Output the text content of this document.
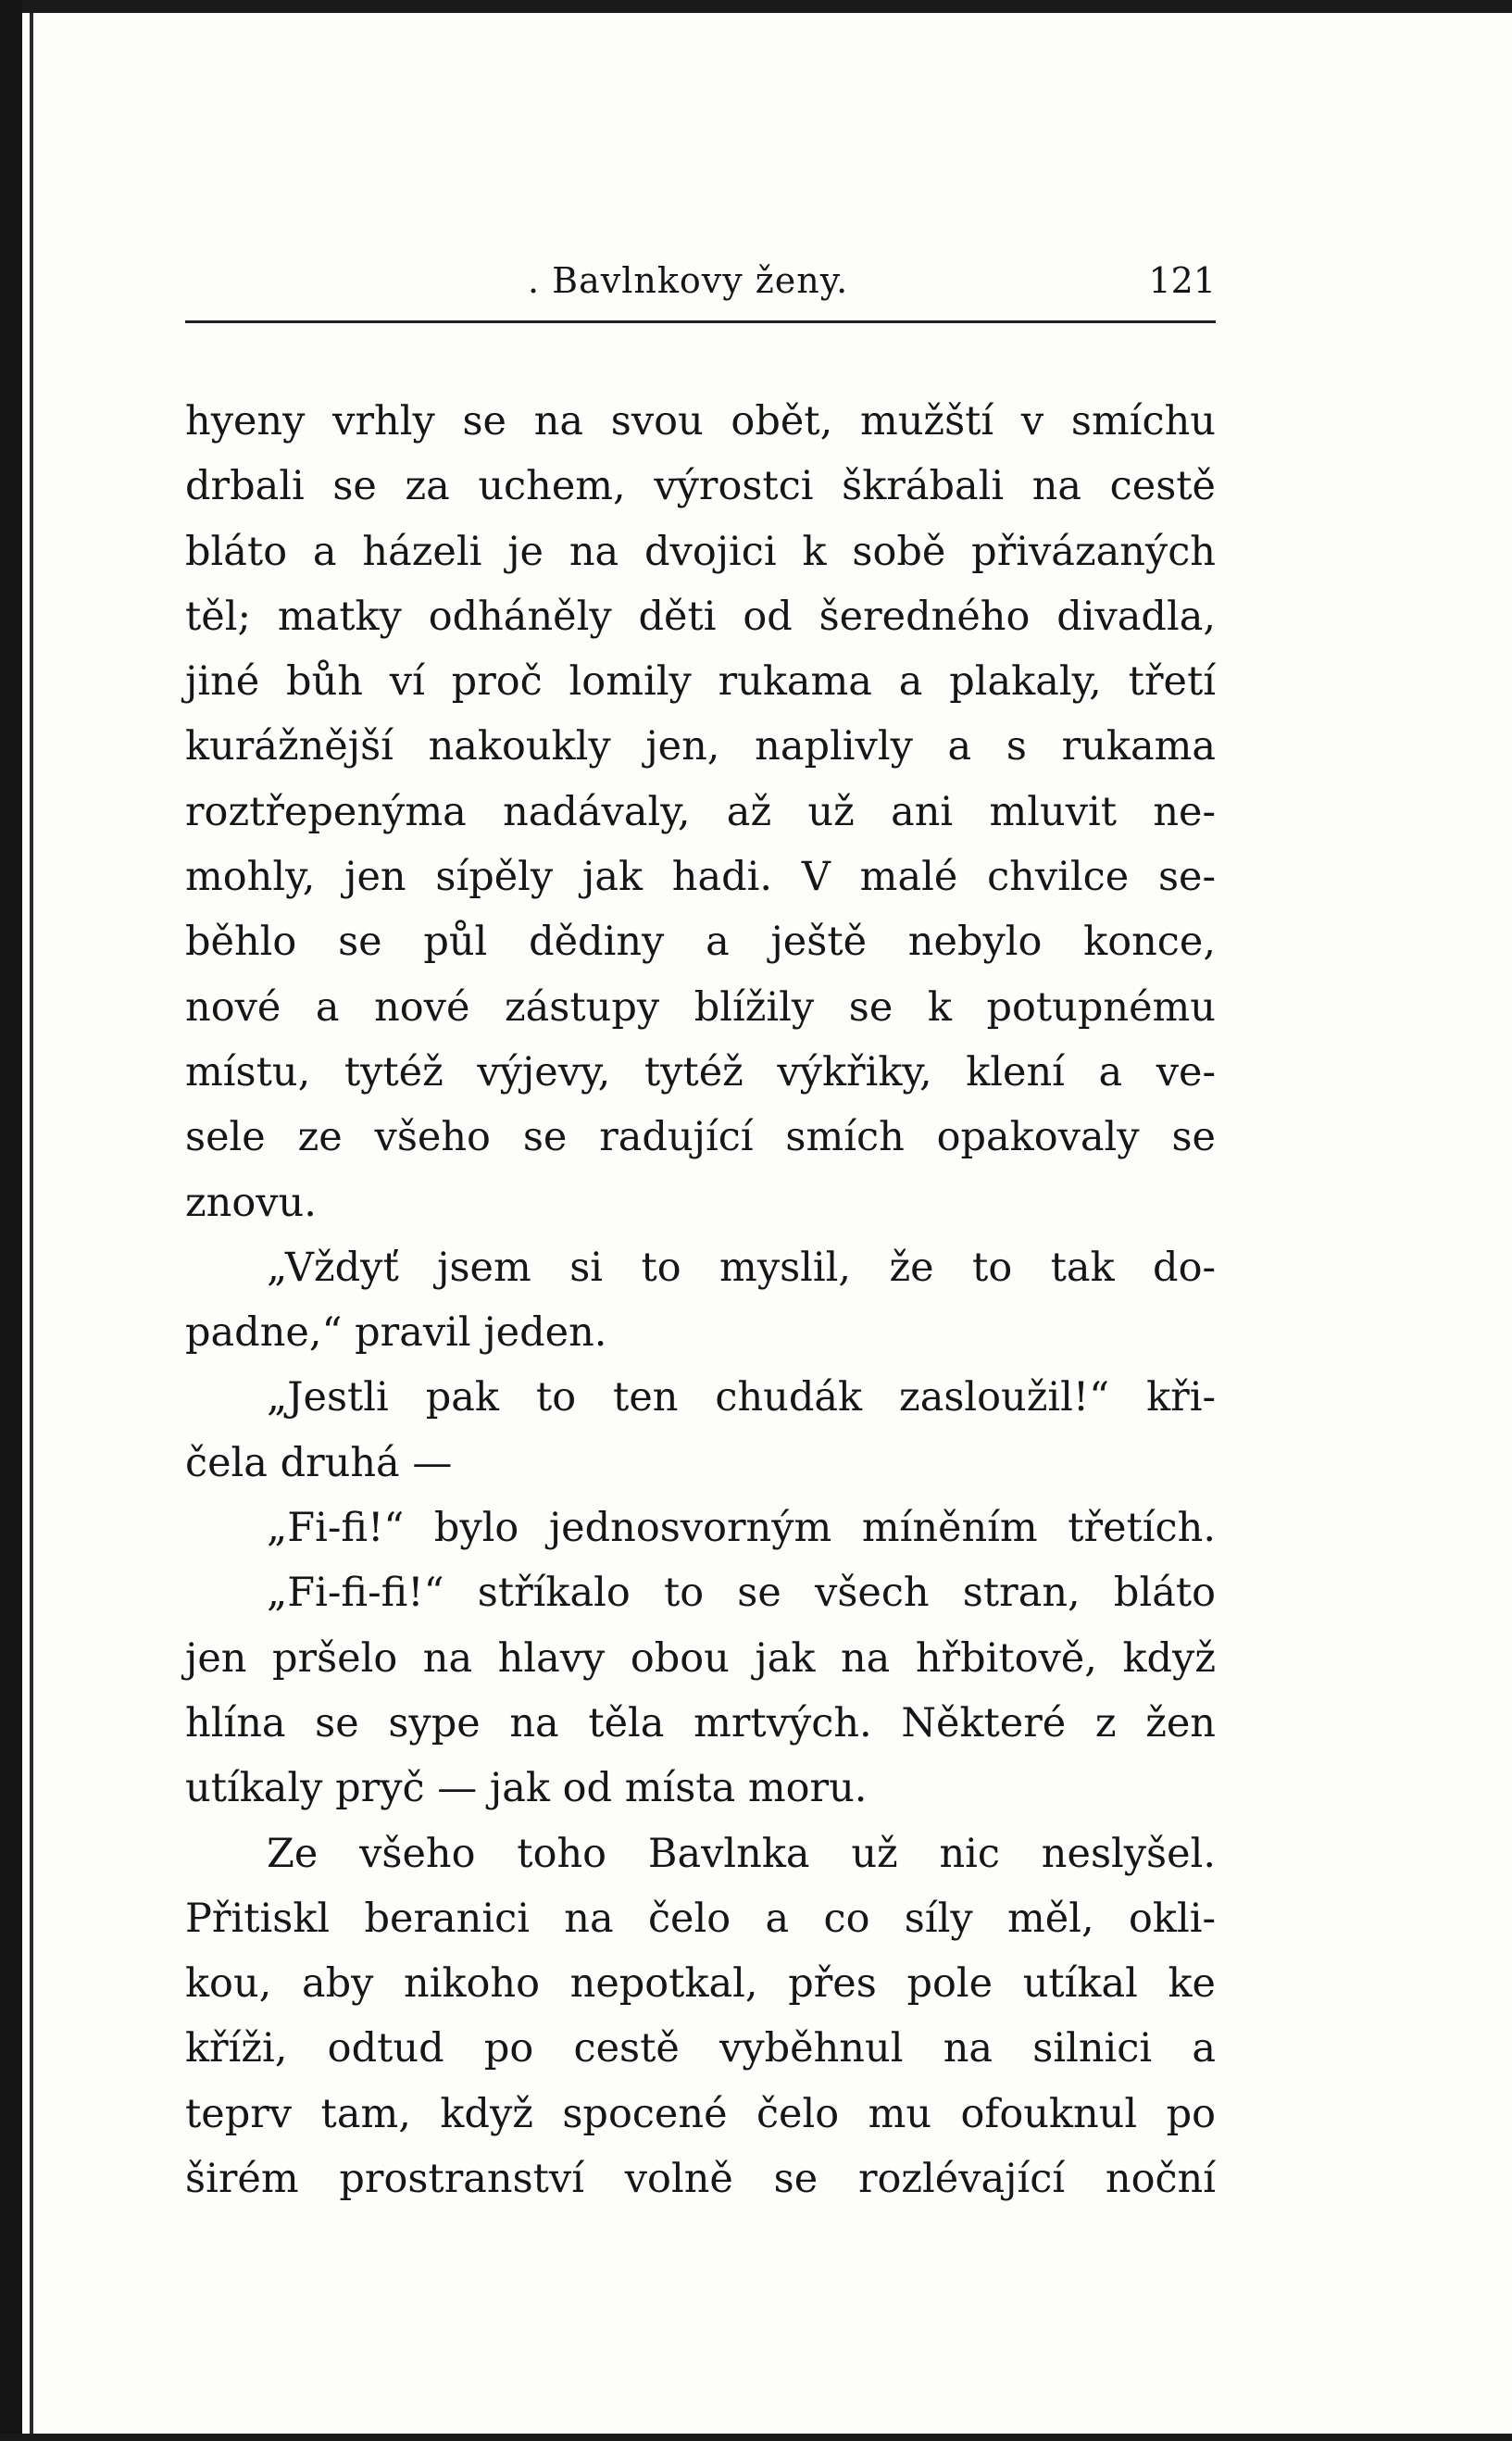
. Bavlnkovy ženy.	121
hyeny vrhly se na svou obět, mužští v smíchu
drbali se za uchem, výrostci škrábali na cestě
bláto a házeli je na dvojici k sobě přivázaných
těl; matky odháněly děti od šeredného divadla,
jiné bůh ví proč lomily rukama a plakaly, třetí
kurážnější nakoukly jen, naplivly a s rukama
roztřepenýma nadávaly, až už ani mluvit ne-
mohly, jen sípěly jak hadi. V malé chvilce se-
běhlo se půl dědiny a ještě nebylo konce,
nové a nové zástupy blížily se k potupnému
místu, tytéž výjevy, tytéž výkřiky, klení a ve-
sele ze všeho se radující smích opakovaly se
znovu.
„Vždyť jsem si to myslil, že to tak do-
padne,“ pravil jeden.
„Jestli pak to ten chudák zasloužil!“ kři-
čela druhá —
„Fi-fi!“ bylo jednosvorným míněním třetích.
„Fi-fi-fi!“ stříkalo to se všech stran, bláto
jen pršelo na hlavy obou jak na hřbitově, když
hlína se sype na těla mrtvých. Některé z žen
utíkaly pryč — jak od místa moru.
Ze všeho toho Bavlnka už nic neslyšel.
Přitiskl beranici na čelo a co síly měl, okli-
kou, aby nikoho nepotkal, přes pole utíkal ke
kříži, odtud po cestě vyběhnul na silnici a
teprv tam, když spocené čelo mu ofouknul po
širém prostranství volně se rozlévající noční
